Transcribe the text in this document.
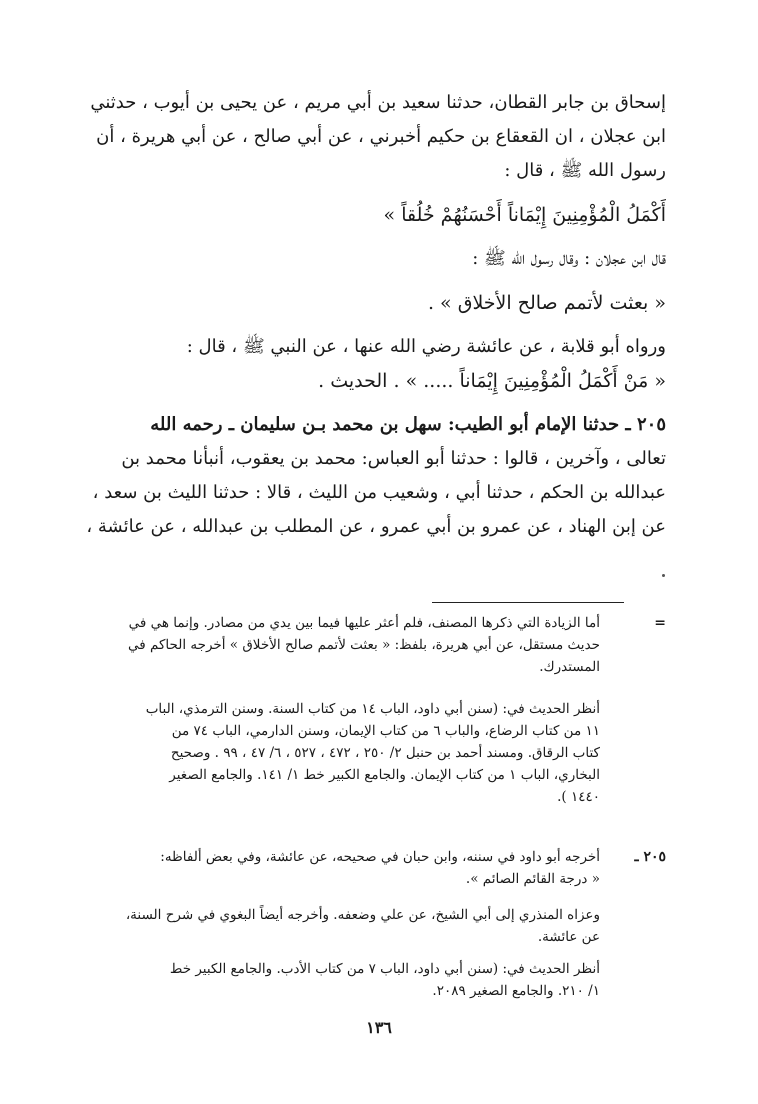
إسحاق بن جابر القطان، حدثنا سعيد بن أبي مريم ، عن يحيى بن أيوب ، حدثني
ابن عجلان ، ان القعقاع بن حكيم أخبرني ، عن أبي صالح ، عن أبي هريرة ، أن
رسول الله ﷺ ، قال :
أَكْمَلُ الْمُؤْمِنِينَ إِيْمَاناً أَحْسَنُهُمْ خُلُقاً »
قال ابن عجلان : وقال رسول الله ﷺ :
« بعثت لأتمم صالح الأخلاق » .
ورواه أبو قلابة ، عن عائشة رضي الله عنها ، عن النبي ﷺ ، قال :
« مَنْ أَكْمَلُ الْمُؤْمِنِينَ إِيْمَاناً ..... » . الحديث .
٢٠٥ ـ حدثنا الإمام أبو الطيب: سهل بن محمد بـن سليمان ـ رحمه الله
تعالى ، وآخرين ، قالوا : حدثنا أبو العباس: محمد بن يعقوب، أنبأنا محمد بن
عبدالله بن الحكم ، حدثنا أبي ، وشعيب من الليث ، قالا : حدثنا الليث بن سعد ،
عن إبن الهناد ، عن عمرو بن أبي عمرو ، عن المطلب بن عبدالله ، عن عائشة ،
=
أما الزيادة التي ذكرها المصنف، فلم أعثر عليها فيما بين يدي من مصادر. وإنما هي في
حديث مستقل، عن أبي هريرة، بلفظ: « بعثت لأتمم صالح الأخلاق » أخرجه الحاكم في
المستدرك.
أنظر الحديث في: (سنن أبي داود، الباب ١٤ من كتاب السنة. وسنن الترمذي، الباب
١١ من كتاب الرضاع، والباب ٦ من كتاب الإيمان، وسنن الدارمي، الباب ٧٤ من
كتاب الرقاق. ومسند أحمد بن حنبل ٢/ ٢٥٠ ، ٤٧٢ ، ٥٢٧ ، ٦/ ٤٧ ، ٩٩ . وصحيح
البخاري، الباب ١ من كتاب الإيمان. والجامع الكبير خط ١/ ١٤١. والجامع الصغير
١٤٤٠ ).
٢٠٥ ـ
أخرجه أبو داود في سننه، وابن حبان في صحيحه، عن عائشة، وفي بعض ألفاظه:
« درجة القائم الصائم ».
وعزاه المنذري إلى أبي الشيخ، عن علي وضعفه. وأخرجه أيضاً البغوي في شرح السنة،
عن عائشة.
أنظر الحديث في: (سنن أبي داود، الباب ٧ من كتاب الأدب. والجامع الكبير خط
١/ ٢١٠. والجامع الصغير ٢٠٨٩.
١٣٦
